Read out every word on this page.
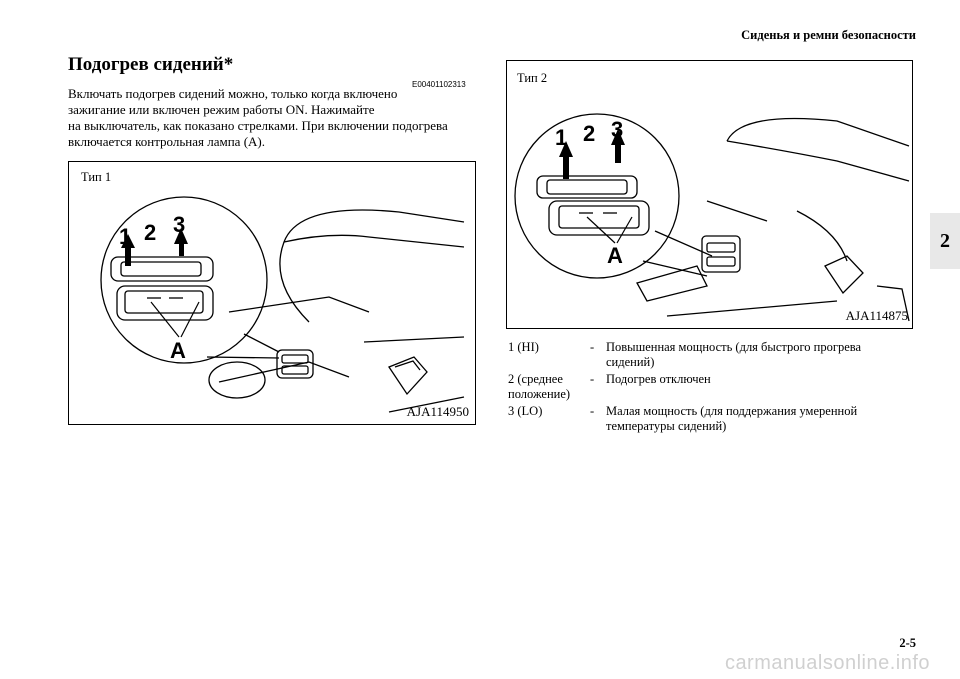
Сиденья и ремни безопасности
2
Подогрев сидений*
E00401102313
Включать подогрев сидений можно, только когда включено
зажигание или включен режим работы ON. Нажимайте
на выключатель, как показано стрелками. При включении подогрева
включается контрольная лампа (A).
1 2 3
A
Тип 1
AJA114950
1 2 3
A
Тип 2
AJA114875
1 (HI)	- Повышенная мощность (для быстрого прогрева сидений)
2 (среднее положение)
- Подогрев отключен
3 (LO)	- Малая мощность (для поддержания умеренной температуры сидений)
2-5
carmanualsonline.info
